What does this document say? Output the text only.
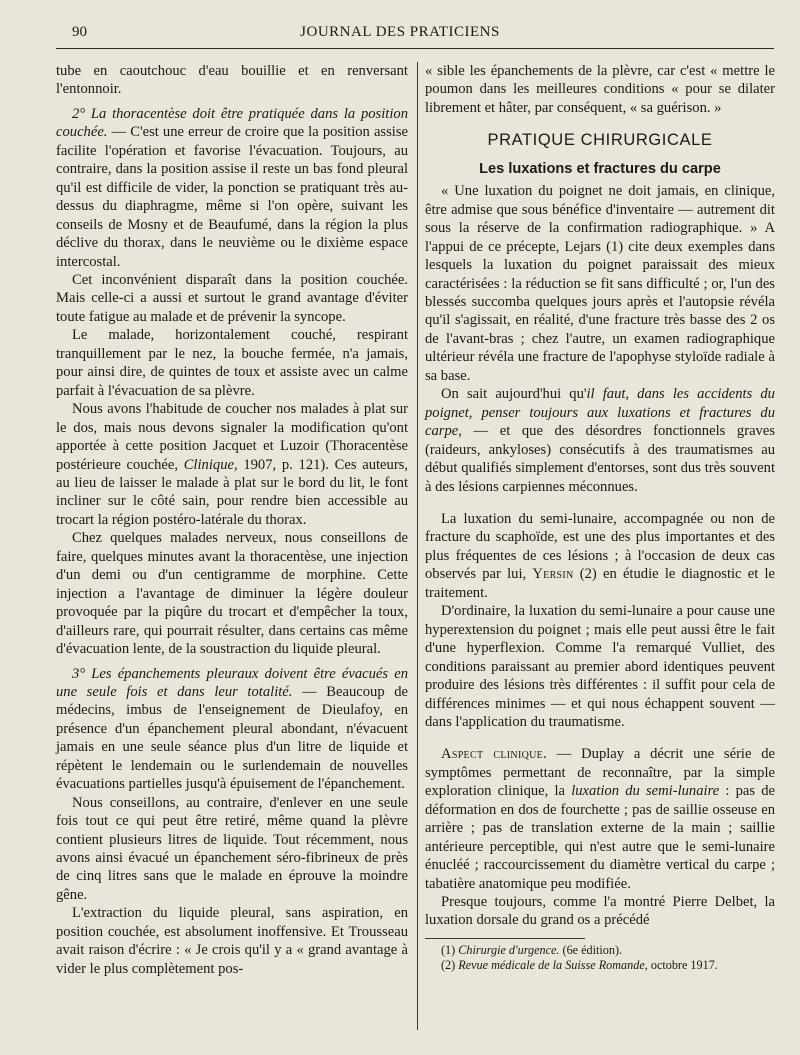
90	JOURNAL DES PRATICIENS

tube en caoutchouc d'eau bouillie et en renversant l'entonnoir.

2° La thoracentèse doit être pratiquée dans la position couchée. — C'est une erreur de croire que la position assise facilite l'opération et favorise l'évacuation. Toujours, au contraire, dans la position assise il reste un bas fond pleural qu'il est difficile de vider, la ponction se pratiquant très au-dessus du diaphragme, même si l'on opère, suivant les conseils de Mosny et de Beaufumé, dans la région la plus déclive du thorax, dans le neuvième ou le dixième espace intercostal.

Cet inconvénient disparaît dans la position couchée. Mais celle-ci a aussi et surtout le grand avantage d'éviter toute fatigue au malade et de prévenir la syncope.

Le malade, horizontalement couché, respirant tranquillement par le nez, la bouche fermée, n'a jamais, pour ainsi dire, de quintes de toux et assiste avec un calme parfait à l'évacuation de sa plèvre.

Nous avons l'habitude de coucher nos malades à plat sur le dos, mais nous devons signaler la modification qu'ont apportée à cette position Jacquet et Luzoir (Thoracentèse postérieure couchée, Clinique, 1907, p. 121). Ces auteurs, au lieu de laisser le malade à plat sur le bord du lit, le font incliner sur le côté sain, pour rendre bien accessible au trocart la région postéro-latérale du thorax.

Chez quelques malades nerveux, nous conseillons de faire, quelques minutes avant la thoracentèse, une injection d'un demi ou d'un centigramme de morphine. Cette injection a l'avantage de diminuer la légère douleur provoquée par la piqûre du trocart et d'empêcher la toux, d'ailleurs rare, qui pourrait résulter, dans certains cas même d'évacuation lente, de la soustraction du liquide pleural.

3° Les épanchements pleuraux doivent être évacués en une seule fois et dans leur totalité. — Beaucoup de médecins, imbus de l'enseignement de Dieulafoy, en présence d'un épanchement pleural abondant, n'évacuent jamais en une seule séance plus d'un litre de liquide et répètent le lendemain ou le surlendemain de nouvelles évacuations partielles jusqu'à épuisement de l'épanchement.

Nous conseillons, au contraire, d'enlever en une seule fois tout ce qui peut être retiré, même quand la plèvre contient plusieurs litres de liquide. Tout récemment, nous avons ainsi évacué un épanchement séro-fibrineux de près de cinq litres sans que le malade en éprouve la moindre gêne.

L'extraction du liquide pleural, sans aspiration, en position couchée, est absolument inoffensive. Et Trousseau avait raison d'écrire : « Je crois qu'il y a « grand avantage à vider le plus complètement pos-

« sible les épanchements de la plèvre, car c'est « mettre le poumon dans les meilleures conditions « pour se dilater librement et hâter, par conséquent, « sa guérison. »

PRATIQUE CHIRURGICALE
Les luxations et fractures du carpe

« Une luxation du poignet ne doit jamais, en clinique, être admise que sous bénéfice d'inventaire — autrement dit sous la réserve de la confirmation radiographique. » A l'appui de ce précepte, Lejars (1) cite deux exemples dans lesquels la luxation du poignet paraissait des mieux caractérisées : la réduction se fit sans difficulté ; or, l'un des blessés succomba quelques jours après et l'autopsie révéla qu'il s'agissait, en réalité, d'une fracture très basse des 2 os de l'avant-bras ; chez l'autre, un examen radiographique ultérieur révéla une fracture de l'apophyse styloïde radiale à sa base.

On sait aujourd'hui qu'il faut, dans les accidents du poignet, penser toujours aux luxations et fractures du carpe, — et que des désordres fonctionnels graves (raideurs, ankyloses) consécutifs à des traumatismes au début qualifiés simplement d'entorses, sont dus très souvent à des lésions carpiennes méconnues.

La luxation du semi-lunaire, accompagnée ou non de fracture du scaphoïde, est une des plus importantes et des plus fréquentes de ces lésions ; à l'occasion de deux cas observés par lui, Yersin (2) en étudie le diagnostic et le traitement.

D'ordinaire, la luxation du semi-lunaire a pour cause une hyperextension du poignet ; mais elle peut aussi être le fait d'une hyperflexion. Comme l'a remarqué Vulliet, des conditions paraissant au premier abord identiques peuvent produire des lésions très différentes : il suffit pour cela de différences minimes — et qui nous échappent souvent — dans l'application du traumatisme.

Aspect clinique. — Duplay a décrit une série de symptômes permettant de reconnaître, par la simple exploration clinique, la luxation du semi-lunaire : pas de déformation en dos de fourchette ; pas de saillie osseuse en arrière ; pas de translation externe de la main ; saillie antérieure perceptible, qui n'est autre que le semi-lunaire énucléé ; raccourcissement du diamètre vertical du carpe ; tabatière anatomique peu modifiée.

Presque toujours, comme l'a montré Pierre Delbet, la luxation dorsale du grand os a précédé

(1) Chirurgie d'urgence. (6e édition).

(2) Revue médicale de la Suisse Romande, octobre 1917.
